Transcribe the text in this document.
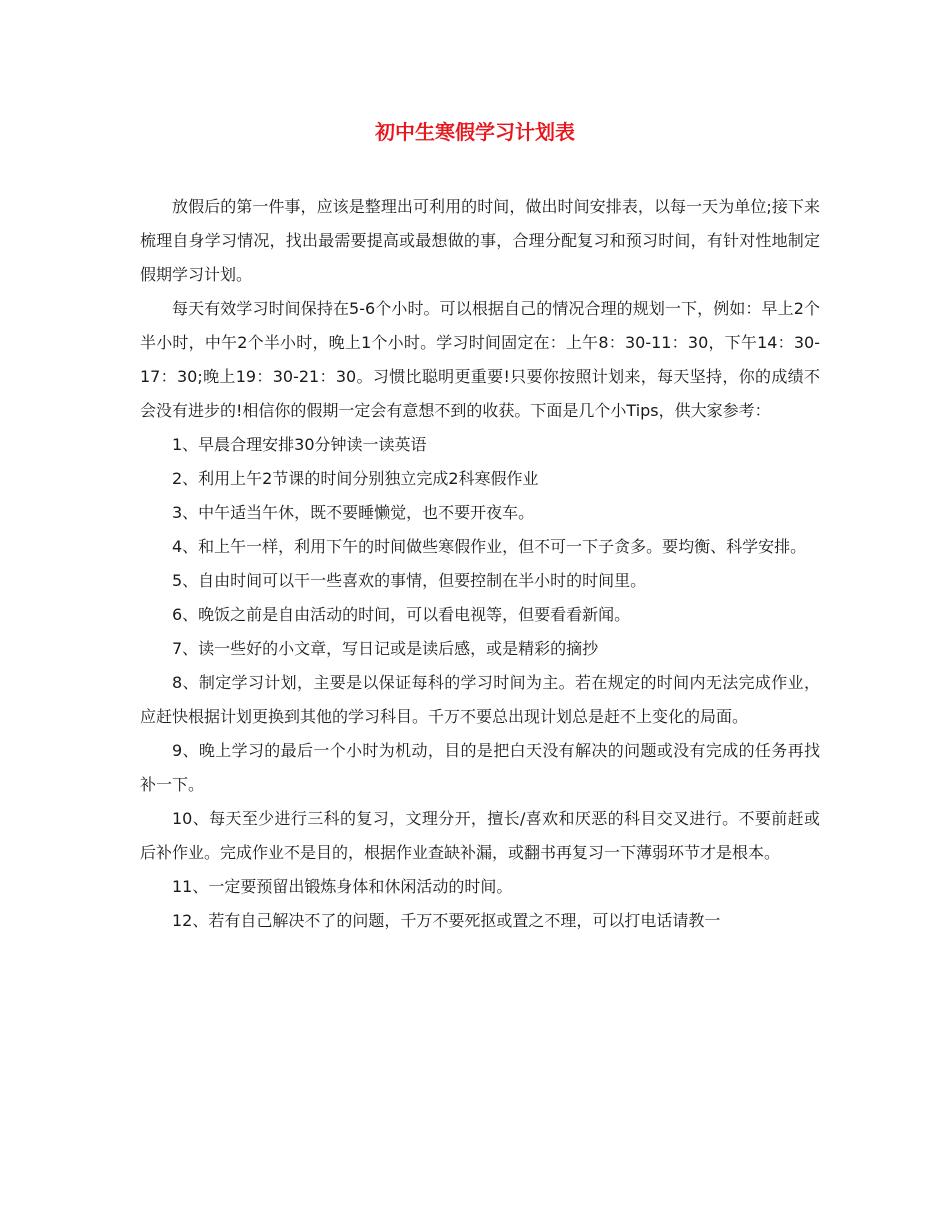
初中生寒假学习计划表

放假后的第一件事，应该是整理出可利用的时间，做出时间安排表，以每一天为单位;接下来梳理自身学习情况，找出最需要提高或最想做的事，合理分配复习和预习时间，有针对性地制定假期学习计划。

每天有效学习时间保持在5-6个小时。可以根据自己的情况合理的规划一下，例如：早上2个半小时，中午2个半小时，晚上1个小时。学习时间固定在：上午8：30-11：30，下午14：30-17：30;晚上19：30-21：30。习惯比聪明更重要!只要你按照计划来，每天坚持，你的成绩不会没有进步的!相信你的假期一定会有意想不到的收获。下面是几个小Tips，供大家参考：

1、早晨合理安排30分钟读一读英语

2、利用上午2节课的时间分别独立完成2科寒假作业

3、中午适当午休，既不要睡懒觉，也不要开夜车。

4、和上午一样，利用下午的时间做些寒假作业，但不可一下子贪多。要均衡、科学安排。

5、自由时间可以干一些喜欢的事情，但要控制在半小时的时间里。

6、晚饭之前是自由活动的时间，可以看电视等，但要看看新闻。

7、读一些好的小文章，写日记或是读后感，或是精彩的摘抄

8、制定学习计划，主要是以保证每科的学习时间为主。若在规定的时间内无法完成作业，应赶快根据计划更换到其他的学习科目。千万不要总出现计划总是赶不上变化的局面。

9、晚上学习的最后一个小时为机动，目的是把白天没有解决的问题或没有完成的任务再找补一下。

10、每天至少进行三科的复习，文理分开，擅长/喜欢和厌恶的科目交叉进行。不要前赶或后补作业。完成作业不是目的，根据作业查缺补漏，或翻书再复习一下薄弱环节才是根本。

11、一定要预留出锻炼身体和休闲活动的时间。

12、若有自己解决不了的问题，千万不要死抠或置之不理，可以打电话请教一
